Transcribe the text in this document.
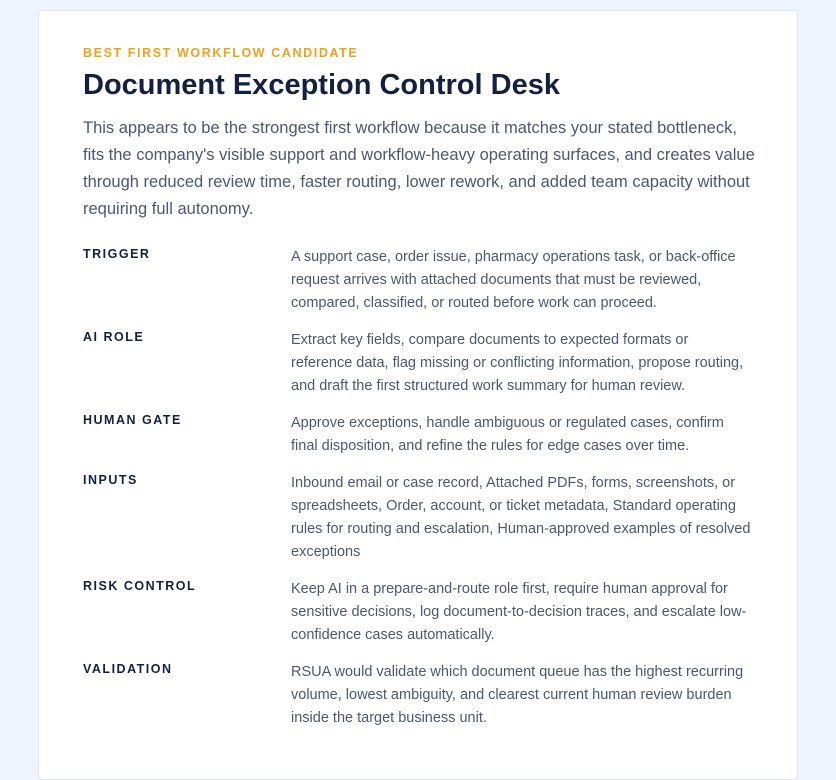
BEST FIRST WORKFLOW CANDIDATE
Document Exception Control Desk

This appears to be the strongest first workflow because it matches your stated bottleneck, fits the company's visible support and workflow-heavy operating surfaces, and creates value through reduced review time, faster routing, lower rework, and added team capacity without requiring full autonomy.

TRIGGER	A support case, order issue, pharmacy operations task, or back-office request arrives with attached documents that must be reviewed, compared, classified, or routed before work can proceed.
AI ROLE	Extract key fields, compare documents to expected formats or reference data, flag missing or conflicting information, propose routing, and draft the first structured work summary for human review.
HUMAN GATE	Approve exceptions, handle ambiguous or regulated cases, confirm final disposition, and refine the rules for edge cases over time.
INPUTS	Inbound email or case record, Attached PDFs, forms, screenshots, or spreadsheets, Order, account, or ticket metadata, Standard operating rules for routing and escalation, Human-approved examples of resolved exceptions
RISK CONTROL	Keep AI in a prepare-and-route role first, require human approval for sensitive decisions, log document-to-decision traces, and escalate low-confidence cases automatically.
VALIDATION	RSUA would validate which document queue has the highest recurring volume, lowest ambiguity, and clearest current human review burden inside the target business unit.
